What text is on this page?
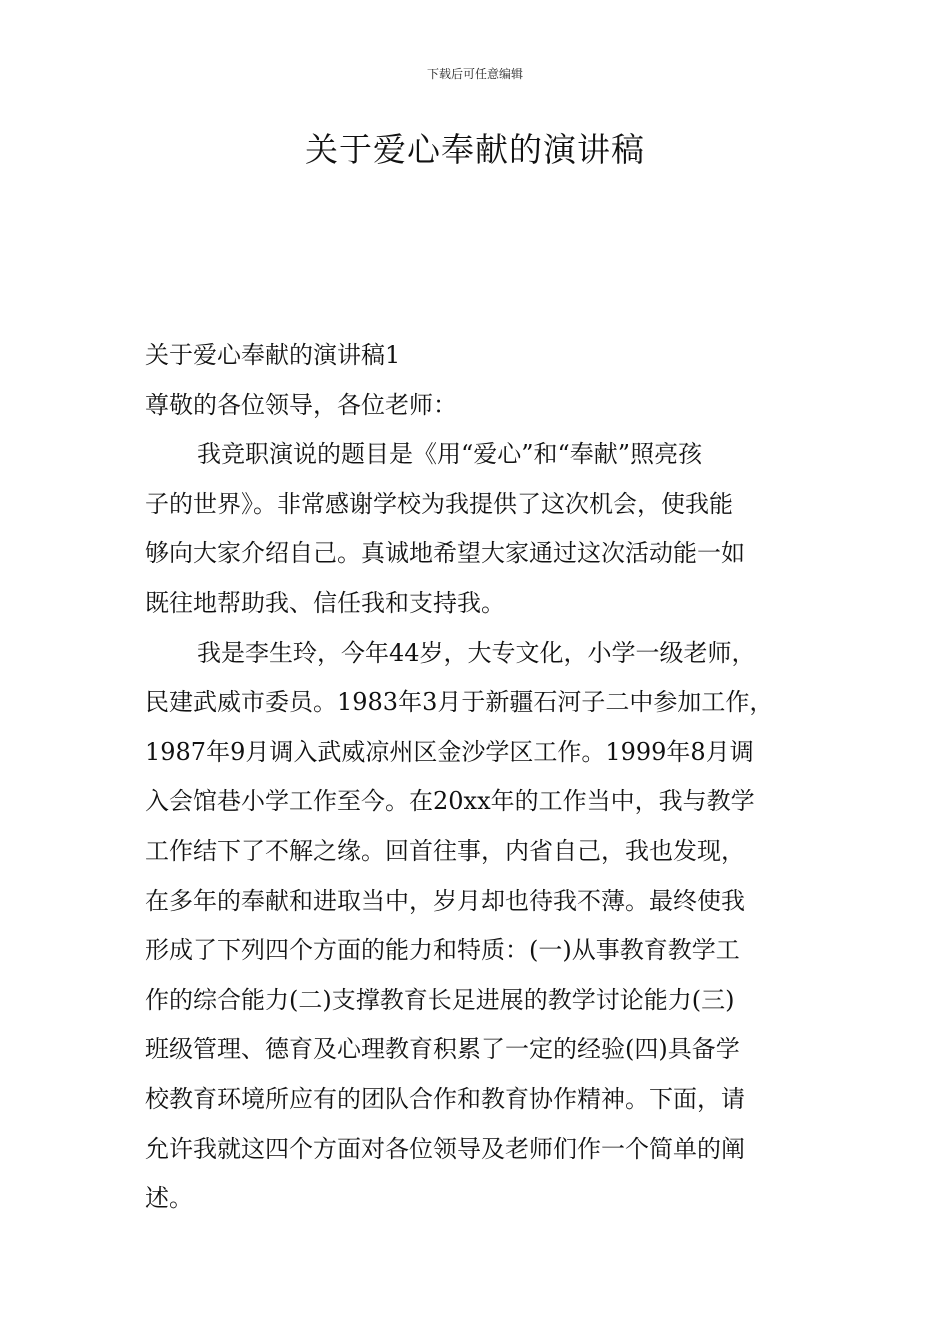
下载后可任意编辑
关于爱心奉献的演讲稿

关于爱心奉献的演讲稿1

尊敬的各位领导，各位老师：

我竞职演说的题目是《用“爱心”和“奉献”照亮孩

子的世界》。非常感谢学校为我提供了这次机会，使我能

够向大家介绍自己。真诚地希望大家通过这次活动能一如

既往地帮助我、信任我和支持我。

我是李生玲，今年44岁，大专文化，小学一级老师，

民建武威市委员。1983年3月于新疆石河子二中参加工作，

1987年9月调入武威凉州区金沙学区工作。1999年8月调

入会馆巷小学工作至今。在20xx年的工作当中，我与教学

工作结下了不解之缘。回首往事，内省自己，我也发现，

在多年的奉献和进取当中，岁月却也待我不薄。最终使我

形成了下列四个方面的能力和特质：(一)从事教育教学工

作的综合能力(二)支撑教育长足进展的教学讨论能力(三)

班级管理、德育及心理教育积累了一定的经验(四)具备学

校教育环境所应有的团队合作和教育协作精神。下面，请

允许我就这四个方面对各位领导及老师们作一个简单的阐

述。
